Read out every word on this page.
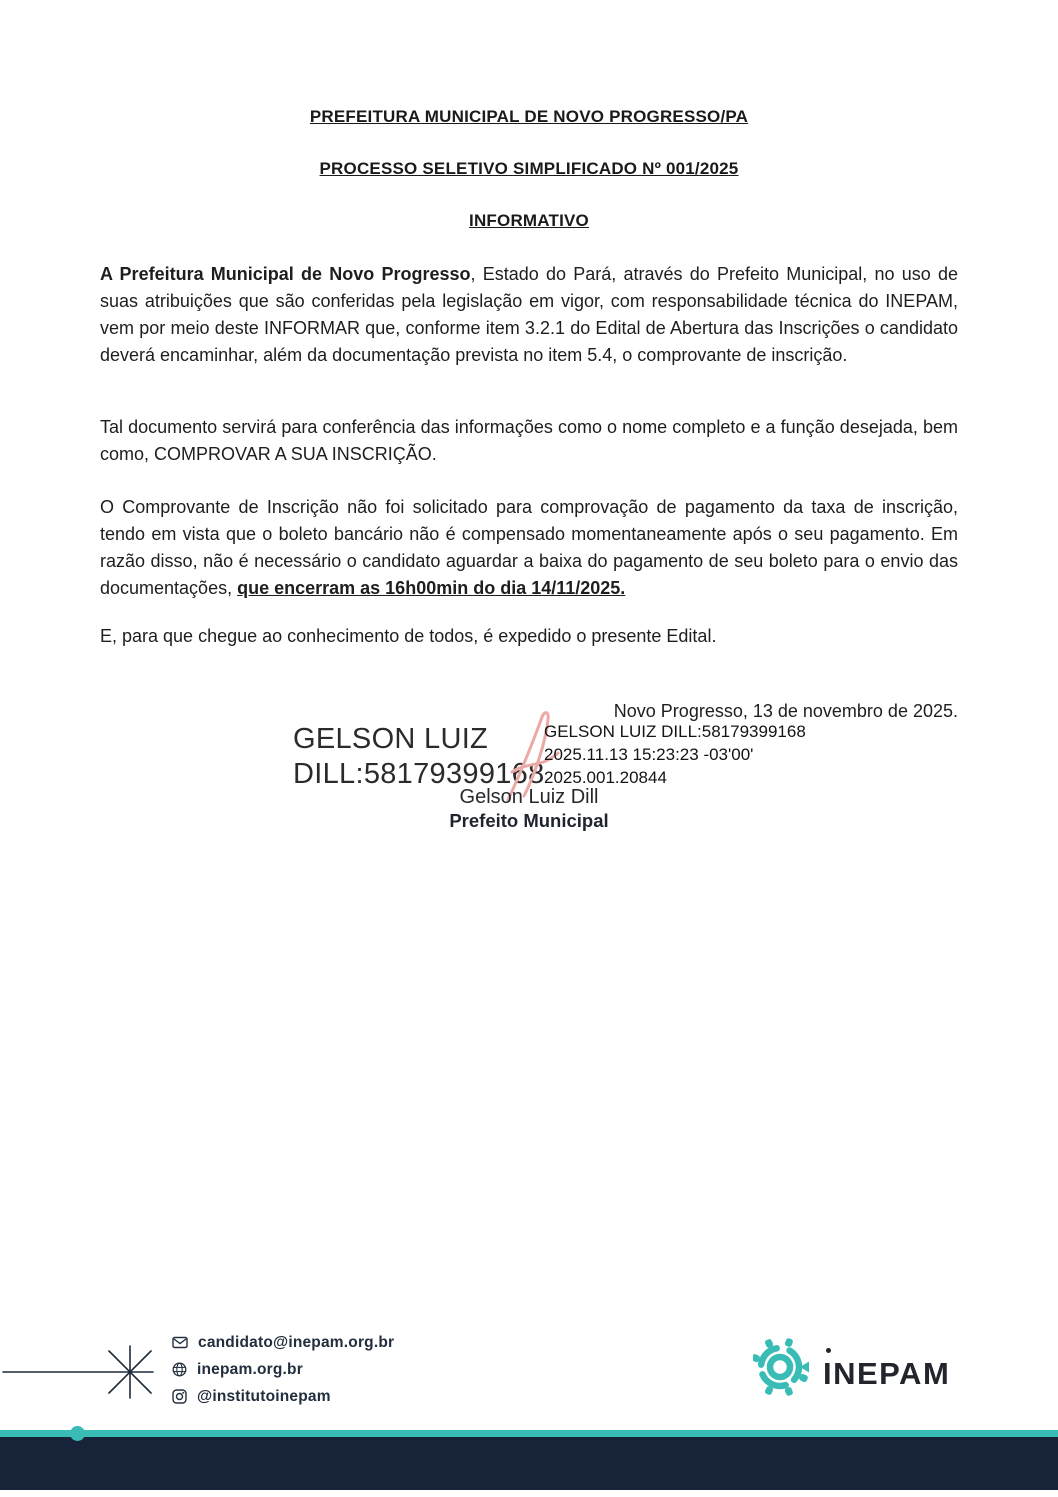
PREFEITURA MUNICIPAL DE NOVO PROGRESSO/PA
PROCESSO SELETIVO SIMPLIFICADO Nº 001/2025
INFORMATIVO
A Prefeitura Municipal de Novo Progresso, Estado do Pará, através do Prefeito Municipal, no uso de suas atribuições que são conferidas pela legislação em vigor, com responsabilidade técnica do INEPAM, vem por meio deste INFORMAR que, conforme item 3.2.1 do Edital de Abertura das Inscrições o candidato deverá encaminhar, além da documentação prevista no item 5.4, o comprovante de inscrição.
Tal documento servirá para conferência das informações como o nome completo e a função desejada, bem como, COMPROVAR A SUA INSCRIÇÃO.
O Comprovante de Inscrição não foi solicitado para comprovação de pagamento da taxa de inscrição, tendo em vista que o boleto bancário não é compensado momentaneamente após o seu pagamento. Em razão disso, não é necessário o candidato aguardar a baixa do pagamento de seu boleto para o envio das documentações, que encerram as 16h00min do dia 14/11/2025.
E, para que chegue ao conhecimento de todos, é expedido o presente Edital.
Novo Progresso, 13 de novembro de 2025.
GELSON LUIZ
DILL:58179399168
GELSON LUIZ DILL:58179399168
2025.11.13 15:23:23 -03'00'
2025.001.20844
Gelson Luiz Dill
Prefeito Municipal
candidato@inepam.org.br
inepam.org.br
@institutoinepam
INEPAM
